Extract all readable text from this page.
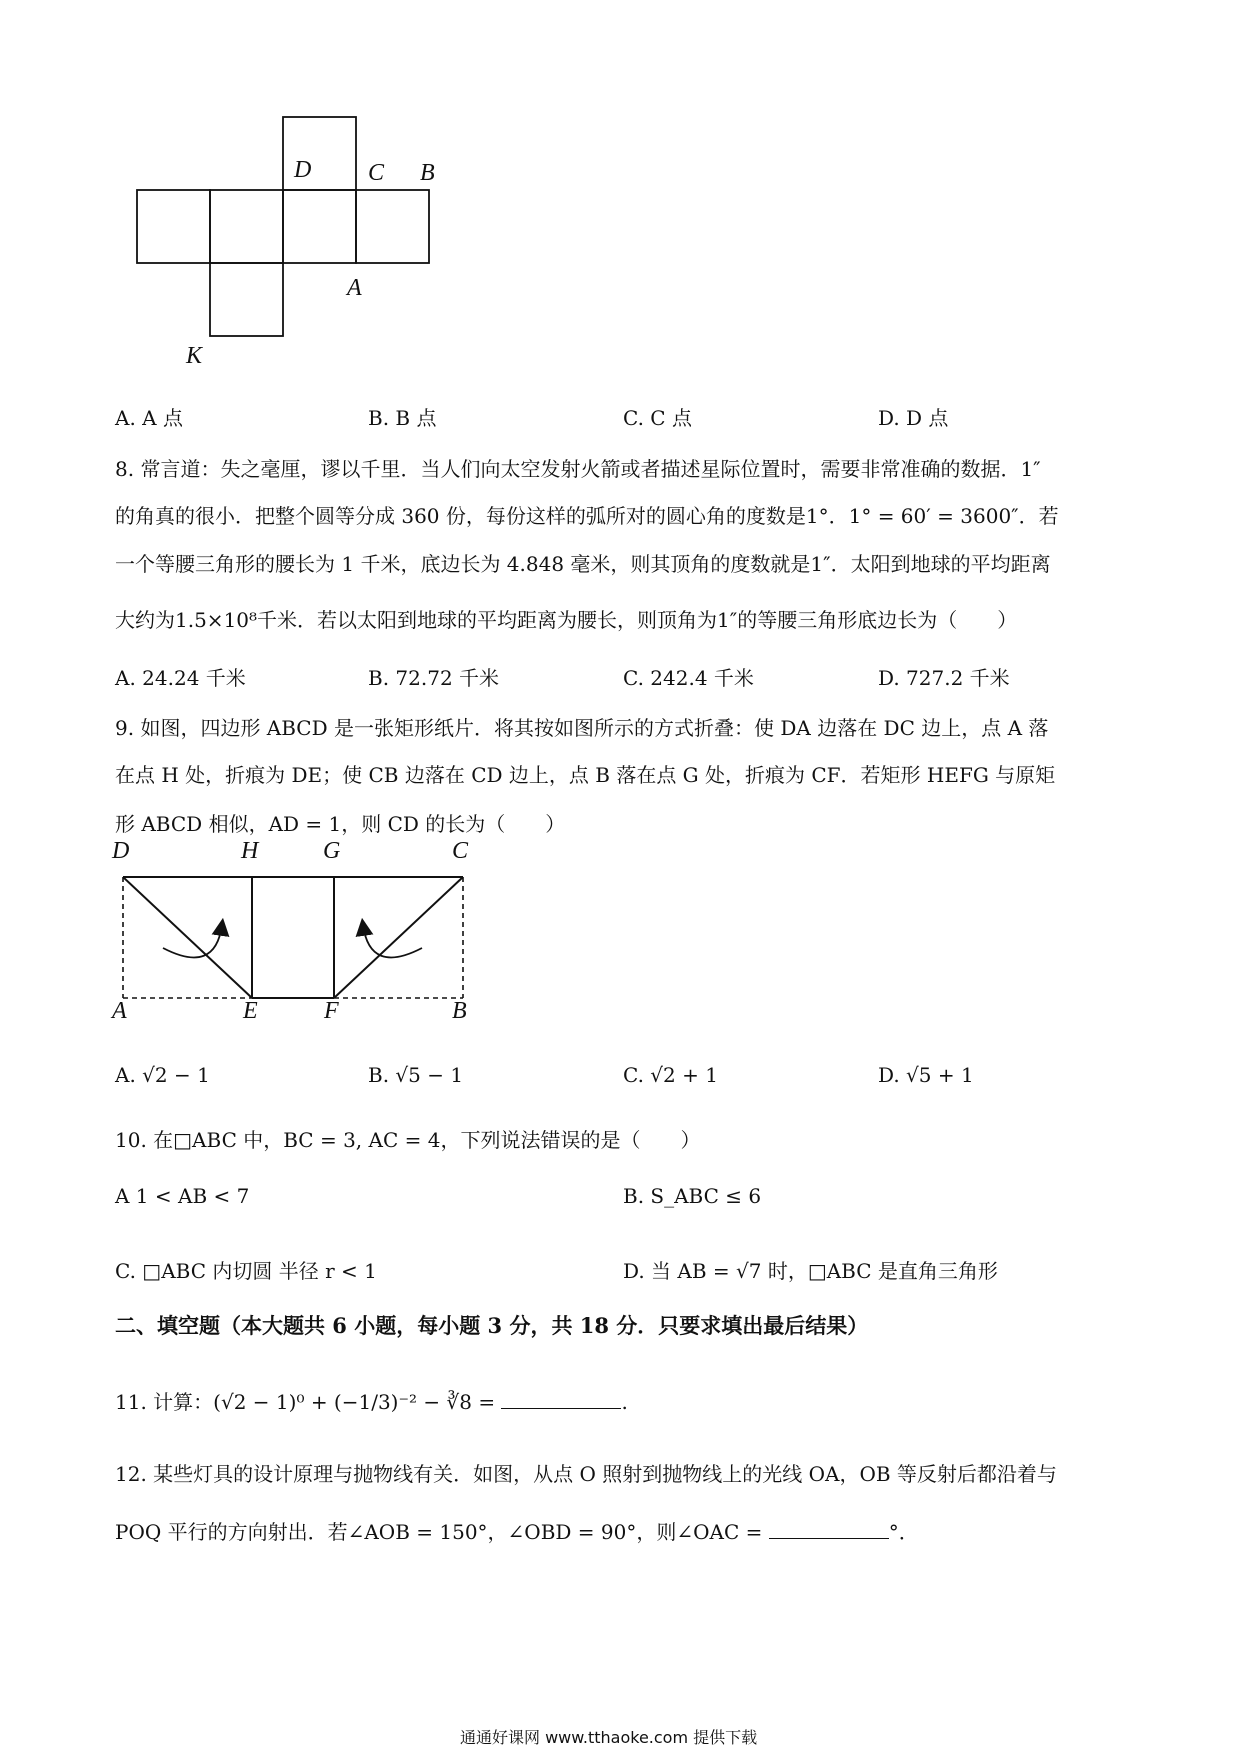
D C B
A
K
A. A 点	B. B 点	C. C 点	D. D 点
8. 常言道：失之毫厘，谬以千里．当人们向太空发射火箭或者描述星际位置时，需要非常准确的数据．1″
的角真的很小．把整个圆等分成 360 份，每份这样的弧所对的圆心角的度数是1°．1° = 60′ = 3600″．若
一个等腰三角形的腰长为 1 千米，底边长为 4.848 毫米，则其顶角的度数就是1″．太阳到地球的平均距离
大约为1.5×10⁸千米．若以太阳到地球的平均距离为腰长，则顶角为1″的等腰三角形底边长为（　　）
A. 24.24 千米	B. 72.72 千米	C. 242.4 千米	D. 727.2 千米
9. 如图，四边形 ABCD 是一张矩形纸片．将其按如图所示的方式折叠：使 DA 边落在 DC 边上，点 A 落
在点 H 处，折痕为 DE；使 CB 边落在 CD 边上，点 B 落在点 G 处，折痕为 CF．若矩形 HEFG 与原矩
形 ABCD 相似，AD = 1，则 CD 的长为（　　）
D	H	G	C
A	E	F	B
A. √2 − 1	B. √5 − 1	C. √2 + 1	D. √5 + 1
10. 在□ABC 中，BC = 3, AC = 4，下列说法错误的是（　　）
A 1 < AB < 7	B. S_ABC ≤ 6
C. □ABC 内切圆 半径 r < 1	D. 当 AB = √7 时，□ABC 是直角三角形
二、填空题（本大题共 6 小题，每小题 3 分，共 18 分．只要求填出最后结果）
11. 计算：(√2 − 1)⁰ + (−1/3)⁻² − ∛8 =	.
12. 某些灯具的设计原理与抛物线有关．如图，从点 O 照射到抛物线上的光线 OA，OB 等反射后都沿着与
POQ 平行的方向射出．若∠AOB = 150°，∠OBD = 90°，则∠OAC =	°．
通通好课网 www.tthaoke.com 提供下载
